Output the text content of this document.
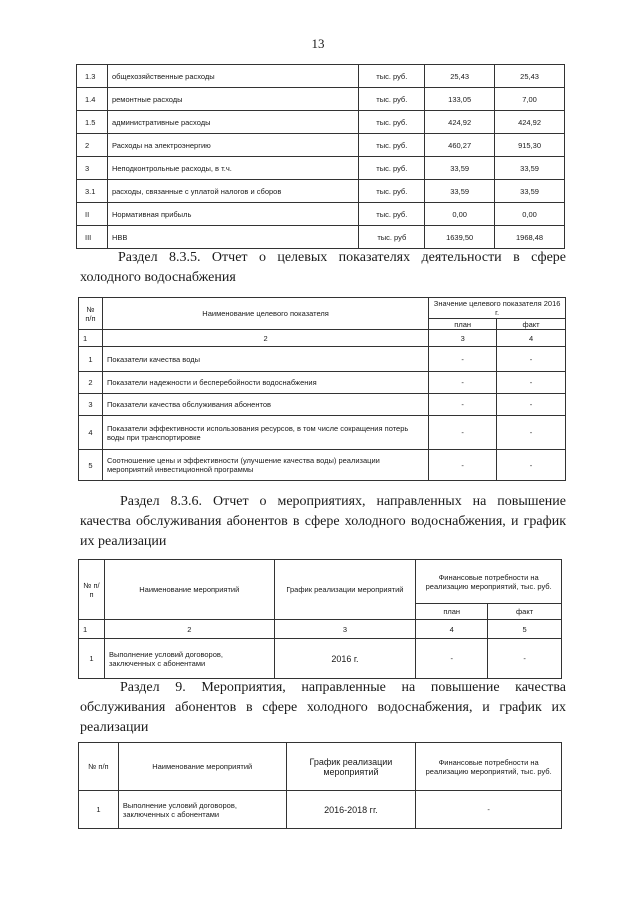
13
1.3	общехозяйственные расходы	тыс. руб.	25,43	25,43
1.4	ремонтные расходы	тыс. руб.	133,05	7,00
1.5	административные расходы	тыс. руб.	424,92	424,92
2	Расходы на электроэнергию	тыс. руб.	460,27	915,30
3	Неподконтрольные расходы, в т.ч.	тыс. руб.	33,59	33,59
3.1	расходы, связанные с уплатой налогов и сборов	тыс. руб.	33,59	33,59
II	Нормативная прибыль	тыс. руб.	0,00	0,00
III	НВВ	тыс. руб	1639,50	1968,48
Раздел 8.3.5. Отчет о целевых показателях деятельности в сфере холодного водоснабжения
№ п/п	Наименование целевого показателя	Значение целевого показателя 2016 г.	
		план	факт
1	2	3	4
1	Показатели качества воды	-	-
2	Показатели надежности и бесперебойности водоснабжения	-	-
3	Показатели качества обслуживания абонентов	-	-
4	Показатели эффективности использования ресурсов, в том числе сокращения потерь воды при транспортировке	-	-
5	Соотношение цены и эффективности (улучшение качества воды) реализации мероприятий инвестиционной программы	-	-
Раздел 8.3.6. Отчет о мероприятиях, направленных на повышение качества обслуживания абонентов в сфере холодного водоснабжения, и график их реализации
№ п/п	Наименование мероприятий	График реализации мероприятий	Финансовые потребности на реализацию мероприятий, тыс. руб.	
			план	факт
1	2	3	4	5
1	Выполнение условий договоров, заключенных с абонентами	2016 г.	-	-
Раздел 9. Мероприятия, направленные на повышение качества обслуживания абонентов в сфере холодного водоснабжения, и график их реализации
№ п/п	Наименование мероприятий	График реализации мероприятий	Финансовые потребности на реализацию мероприятий, тыс. руб.
1	Выполнение условий договоров, заключенных с абонентами	2016-2018 гг.	-
